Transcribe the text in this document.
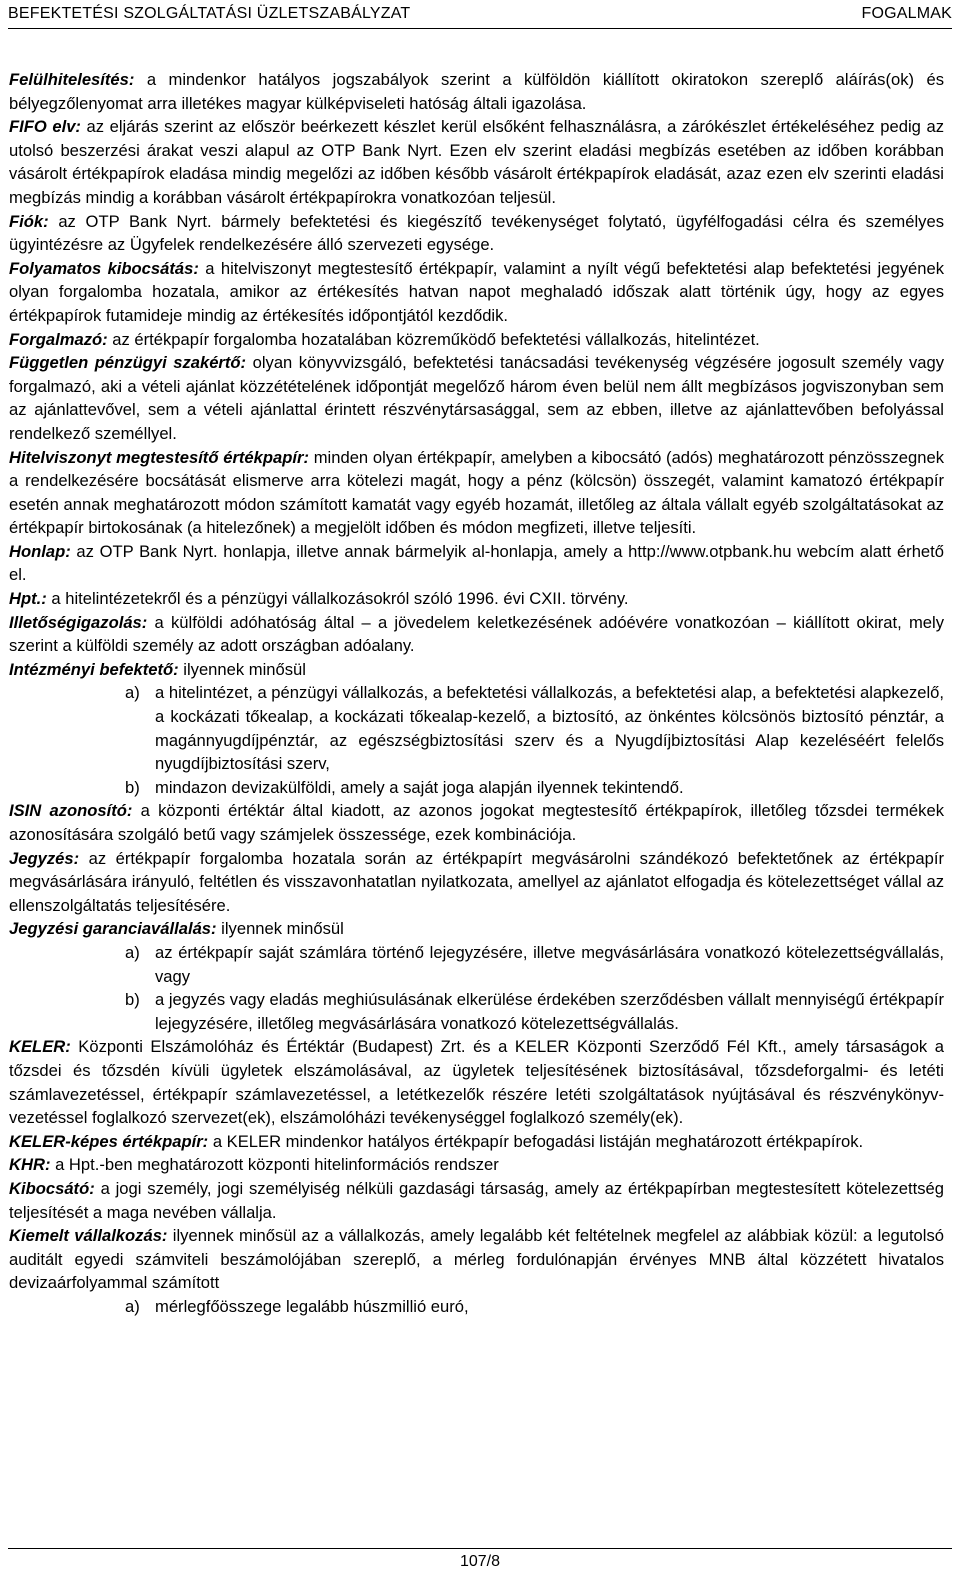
BEFEKTETÉSI SZOLGÁLTATÁSI ÜZLETSZABÁLYZAT	FOGALMAK

Felülhitelesítés: a mindenkor hatályos jogszabályok szerint a külföldön kiállított okiratokon szereplő aláírás(ok) és bélyegzőlenyomat arra illetékes magyar külképviseleti hatóság általi igazolása.

FIFO elv: az eljárás szerint az először beérkezett készlet kerül elsőként felhasználásra, a zárókészlet értékeléséhez pedig az utolsó beszerzési árakat veszi alapul az OTP Bank Nyrt. Ezen elv szerint eladási megbízás esetében az időben korábban vásárolt értékpapírok eladása mindig megelőzi az időben később vásárolt értékpapírok eladását, azaz ezen elv szerinti eladási megbízás mindig a korábban vásárolt értékpapírokra vonatkozóan teljesül.

Fiók: az OTP Bank Nyrt. bármely befektetési és kiegészítő tevékenységet folytató, ügyfélfogadási célra és személyes ügyintézésre az Ügyfelek rendelkezésére álló szervezeti egysége.

Folyamatos kibocsátás: a hitelviszonyt megtestesítő értékpapír, valamint a nyílt végű befektetési alap befektetési jegyének olyan forgalomba hozatala, amikor az értékesítés hatvan napot meghaladó időszak alatt történik úgy, hogy az egyes értékpapírok futamideje mindig az értékesítés időpontjától kezdődik.

Forgalmazó: az értékpapír forgalomba hozatalában közreműködő befektetési vállalkozás, hitelintézet.

Független pénzügyi szakértő: olyan könyvvizsgáló, befektetési tanácsadási tevékenység végzésére jogosult személy vagy forgalmazó, aki a vételi ajánlat közzétételének időpontját megelőző három éven belül nem állt megbízásos jogviszonyban sem az ajánlattevővel, sem a vételi ajánlattal érintett részvénytársasággal, sem az ebben, illetve az ajánlattevőben befolyással rendelkező személlyel.

Hitelviszonyt megtestesítő értékpapír: minden olyan értékpapír, amelyben a kibocsátó (adós) meghatározott pénzösszegnek a rendelkezésére bocsátását elismerve arra kötelezi magát, hogy a pénz (kölcsön) összegét, valamint kamatozó értékpapír esetén annak meghatározott módon számított kamatát vagy egyéb hozamát, illetőleg az általa vállalt egyéb szolgáltatásokat az értékpapír birtokosának (a hitelezőnek) a megjelölt időben és módon megfizeti, illetve teljesíti.

Honlap: az OTP Bank Nyrt. honlapja, illetve annak bármelyik al-honlapja, amely a http://www.otpbank.hu webcím alatt érhető el.

Hpt.: a hitelintézetekről és a pénzügyi vállalkozásokról szóló 1996. évi CXII. törvény.

Illetőségigazolás: a külföldi adóhatóság által – a jövedelem keletkezésének adóévére vonatkozóan – kiállított okirat, mely szerint a külföldi személy az adott országban adóalany.

Intézményi befektető: ilyennek minősül

a) a hitelintézet, a pénzügyi vállalkozás, a befektetési vállalkozás, a befektetési alap, a befektetési alapkezelő, a kockázati tőkealap, a kockázati tőkealap-kezelő, a biztosító, az önkéntes kölcsönös biztosító pénztár, a magánnyugdíjpénztár, az egészségbiztosítási szerv és a Nyugdíjbiztosítási Alap kezeléséért felelős nyugdíjbiztosítási szerv,
b) mindazon devizakülföldi, amely a saját joga alapján ilyennek tekintendő.

ISIN azonosító: a központi értéktár által kiadott, az azonos jogokat megtestesítő értékpapírok, illetőleg tőzsdei termékek azonosítására szolgáló betű vagy számjelek összessége, ezek kombinációja.

Jegyzés: az értékpapír forgalomba hozatala során az értékpapírt megvásárolni szándékozó befektetőnek az értékpapír megvásárlására irányuló, feltétlen és visszavonhatatlan nyilatkozata, amellyel az ajánlatot elfogadja és kötelezettséget vállal az ellenszolgáltatás teljesítésére.

Jegyzési garanciavállalás: ilyennek minősül

a) az értékpapír saját számlára történő lejegyzésére, illetve megvásárlására vonatkozó kötelezettségvállalás, vagy
b) a jegyzés vagy eladás meghiúsulásának elkerülése érdekében szerződésben vállalt mennyiségű értékpapír lejegyzésére, illetőleg megvásárlására vonatkozó kötelezettségvállalás.

KELER: Központi Elszámolóház és Értéktár (Budapest) Zrt. és a KELER Központi Szerződő Fél Kft., amely társaságok a tőzsdei és tőzsdén kívüli ügyletek elszámolásával, az ügyletek teljesítésének biztosításával, tőzsdeforgalmi- és letéti számlavezetéssel, értékpapír számlavezetéssel, a letétkezelők részére letéti szolgáltatások nyújtásával és részvénykönyv-vezetéssel foglalkozó szervezet(ek), elszámolóházi tevékenységgel foglalkozó személy(ek).

KELER-képes értékpapír: a KELER mindenkor hatályos értékpapír befogadási listáján meghatározott értékpapírok.

KHR: a Hpt.-ben meghatározott központi hitelinformációs rendszer

Kibocsátó: a jogi személy, jogi személyiség nélküli gazdasági társaság, amely az értékpapírban megtestesített kötelezettség teljesítését a maga nevében vállalja.

Kiemelt vállalkozás: ilyennek minősül az a vállalkozás, amely legalább két feltételnek megfelel az alábbiak közül: a legutolsó auditált egyedi számviteli beszámolójában szereplő, a mérleg fordulónapján érvényes MNB által közzétett hivatalos devizaárfolyammal számított

a) mérlegfőösszege legalább húszmillió euró,
107/8
